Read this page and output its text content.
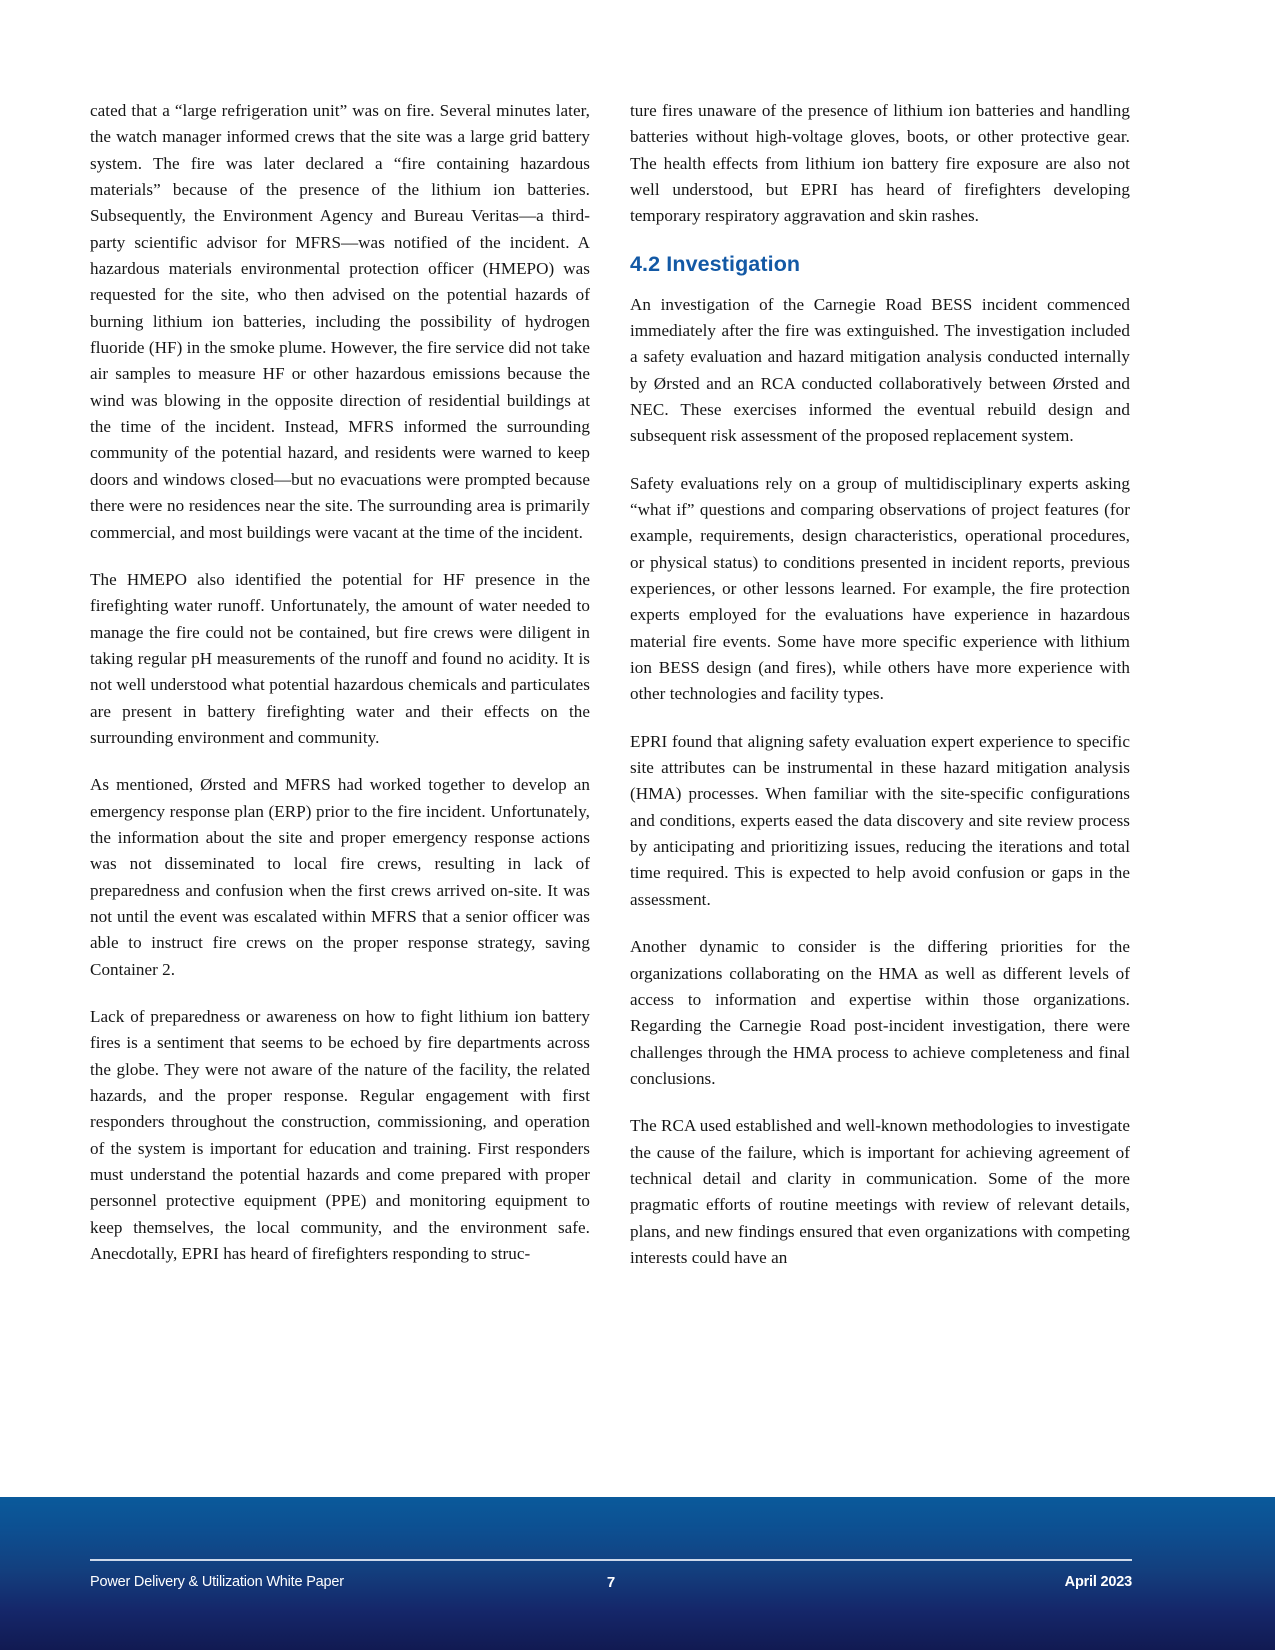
cated that a “large refrigeration unit” was on fire. Several minutes later, the watch manager informed crews that the site was a large grid battery system. The fire was later declared a “fire containing hazardous materials” because of the presence of the lithium ion batteries. Subsequently, the Environment Agency and Bureau Veritas—a third-party scientific advisor for MFRS—was notified of the incident. A hazardous materials environmental protection officer (HMEPO) was requested for the site, who then advised on the potential hazards of burning lithium ion batteries, including the possibility of hydrogen fluoride (HF) in the smoke plume. However, the fire service did not take air samples to measure HF or other hazardous emissions because the wind was blowing in the opposite direction of residential buildings at the time of the incident. Instead, MFRS informed the surrounding community of the potential hazard, and residents were warned to keep doors and windows closed—but no evacuations were prompted because there were no residences near the site. The surrounding area is primarily commercial, and most buildings were vacant at the time of the incident.

The HMEPO also identified the potential for HF presence in the firefighting water runoff. Unfortunately, the amount of water needed to manage the fire could not be contained, but fire crews were diligent in taking regular pH measurements of the runoff and found no acidity. It is not well understood what potential hazardous chemicals and particulates are present in battery firefighting water and their effects on the surrounding environment and community.

As mentioned, Ørsted and MFRS had worked together to develop an emergency response plan (ERP) prior to the fire incident. Unfortunately, the information about the site and proper emergency response actions was not disseminated to local fire crews, resulting in lack of preparedness and confusion when the first crews arrived on-site. It was not until the event was escalated within MFRS that a senior officer was able to instruct fire crews on the proper response strategy, saving Container 2.

Lack of preparedness or awareness on how to fight lithium ion battery fires is a sentiment that seems to be echoed by fire departments across the globe. They were not aware of the nature of the facility, the related hazards, and the proper response. Regular engagement with first responders throughout the construction, commissioning, and operation of the system is important for education and training. First responders must understand the potential hazards and come prepared with proper personnel protective equipment (PPE) and monitoring equipment to keep themselves, the local community, and the environment safe. Anecdotally, EPRI has heard of firefighters responding to struc-

ture fires unaware of the presence of lithium ion batteries and handling batteries without high-voltage gloves, boots, or other protective gear. The health effects from lithium ion battery fire exposure are also not well understood, but EPRI has heard of firefighters developing temporary respiratory aggravation and skin rashes.

4.2 Investigation

An investigation of the Carnegie Road BESS incident commenced immediately after the fire was extinguished. The investigation included a safety evaluation and hazard mitigation analysis conducted internally by Ørsted and an RCA conducted collaboratively between Ørsted and NEC. These exercises informed the eventual rebuild design and subsequent risk assessment of the proposed replacement system.

Safety evaluations rely on a group of multidisciplinary experts asking “what if” questions and comparing observations of project features (for example, requirements, design characteristics, operational procedures, or physical status) to conditions presented in incident reports, previous experiences, or other lessons learned. For example, the fire protection experts employed for the evaluations have experience in hazardous material fire events. Some have more specific experience with lithium ion BESS design (and fires), while others have more experience with other technologies and facility types.

EPRI found that aligning safety evaluation expert experience to specific site attributes can be instrumental in these hazard mitigation analysis (HMA) processes. When familiar with the site-specific configurations and conditions, experts eased the data discovery and site review process by anticipating and prioritizing issues, reducing the iterations and total time required. This is expected to help avoid confusion or gaps in the assessment.

Another dynamic to consider is the differing priorities for the organizations collaborating on the HMA as well as different levels of access to information and expertise within those organizations. Regarding the Carnegie Road post-incident investigation, there were challenges through the HMA process to achieve completeness and final conclusions.

The RCA used established and well-known methodologies to investigate the cause of the failure, which is important for achieving agreement of technical detail and clarity in communication. Some of the more pragmatic efforts of routine meetings with review of relevant details, plans, and new findings ensured that even organizations with competing interests could have an

Power Delivery & Utilization White Paper	7	April 2023
